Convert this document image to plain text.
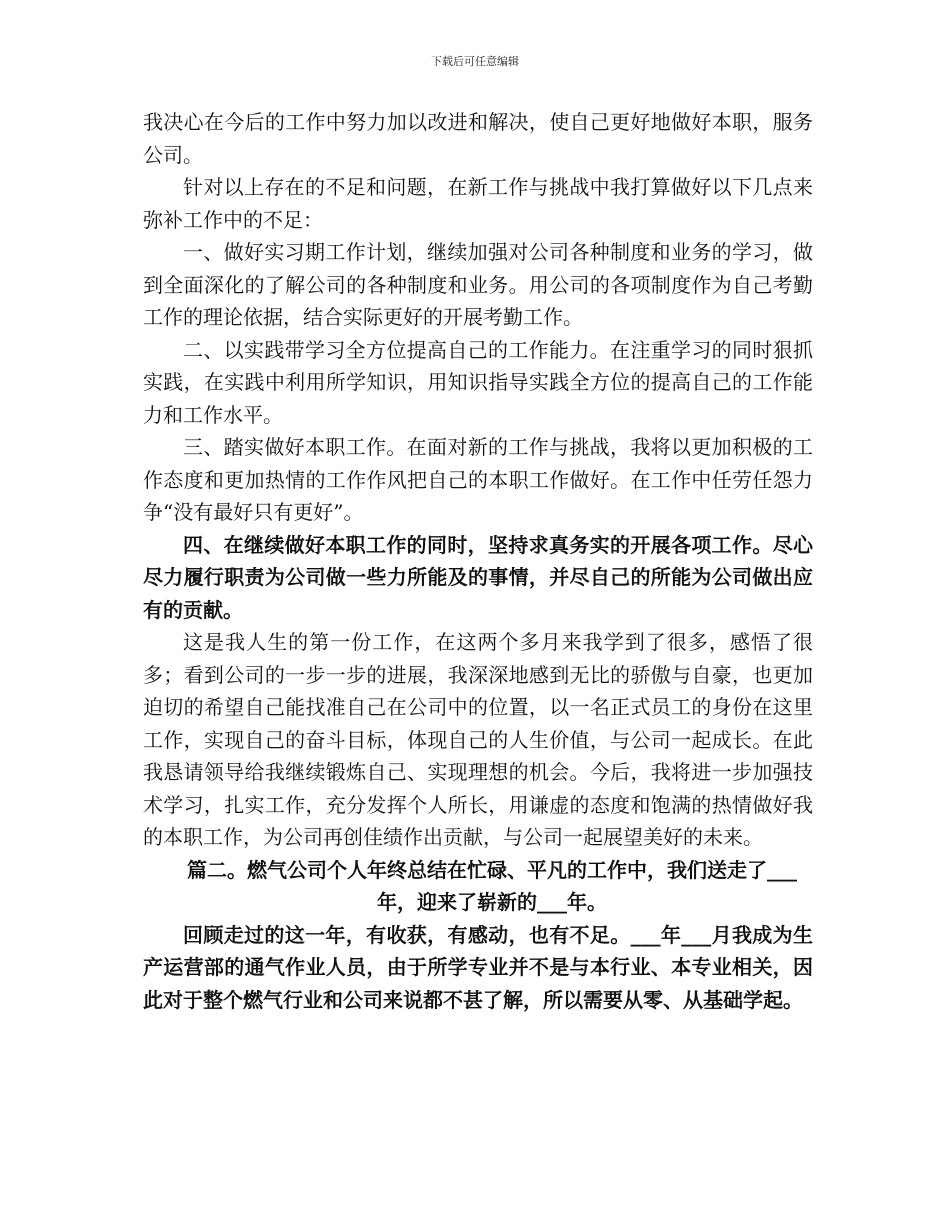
下载后可任意编辑

我决心在今后的工作中努力加以改进和解决，使自己更好地做好本职，服务公司。

针对以上存在的不足和问题，在新工作与挑战中我打算做好以下几点来弥补工作中的不足：

一、做好实习期工作计划，继续加强对公司各种制度和业务的学习，做到全面深化的了解公司的各种制度和业务。用公司的各项制度作为自己考勤工作的理论依据，结合实际更好的开展考勤工作。

二、以实践带学习全方位提高自己的工作能力。在注重学习的同时狠抓实践，在实践中利用所学知识，用知识指导实践全方位的提高自己的工作能力和工作水平。

三、踏实做好本职工作。在面对新的工作与挑战，我将以更加积极的工作态度和更加热情的工作作风把自己的本职工作做好。在工作中任劳任怨力争“没有最好只有更好”。

四、在继续做好本职工作的同时，坚持求真务实的开展各项工作。尽心尽力履行职责为公司做一些力所能及的事情，并尽自己的所能为公司做出应有的贡献。

这是我人生的第一份工作，在这两个多月来我学到了很多，感悟了很多；看到公司的一步一步的进展，我深深地感到无比的骄傲与自豪，也更加迫切的希望自己能找准自己在公司中的位置，以一名正式员工的身份在这里工作，实现自己的奋斗目标，体现自己的人生价值，与公司一起成长。在此我恳请领导给我继续锻炼自己、实现理想的机会。今后，我将进一步加强技术学习，扎实工作，充分发挥个人所长，用谦虚的态度和饱满的热情做好我的本职工作，为公司再创佳绩作出贡献，与公司一起展望美好的未来。

篇二。燃气公司个人年终总结在忙碌、平凡的工作中，我们送走了___年，迎来了崭新的___年。

回顾走过的这一年，有收获，有感动，也有不足。___年___月我成为生产运营部的通气作业人员，由于所学专业并不是与本行业、本专业相关，因此对于整个燃气行业和公司来说都不甚了解，所以需要从零、从基础学起。
